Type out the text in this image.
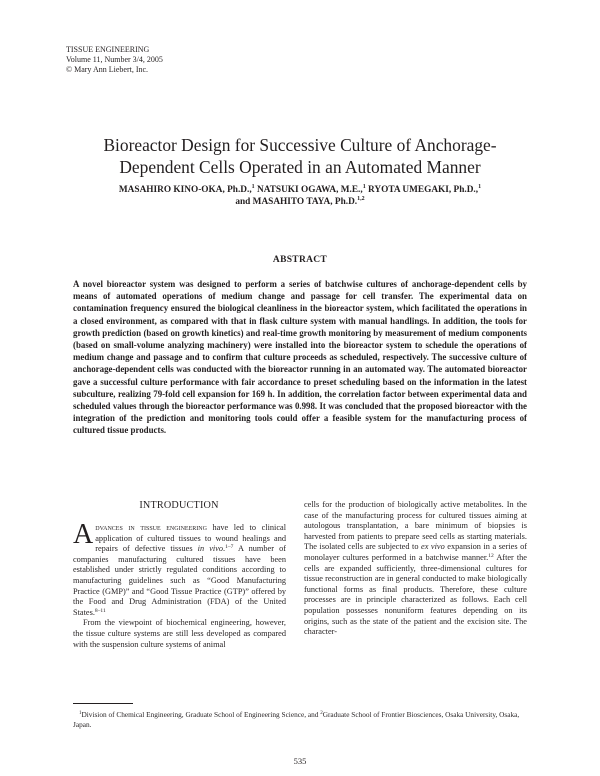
TISSUE ENGINEERING
Volume 11, Number 3/4, 2005
© Mary Ann Liebert, Inc.
Bioreactor Design for Successive Culture of Anchorage-
Dependent Cells Operated in an Automated Manner
MASAHIRO KINO-OKA, Ph.D.,$^1$ NATSUKI OGAWA, M.E.,$^1$ RYOTA UMEGAKI, Ph.D.,$^1$
and MASAHITO TAYA, Ph.D.$^{1,2}$
ABSTRACT

A novel bioreactor system was designed to perform a series of batchwise cultures of anchorage-dependent cells by means of automated operations of medium change and passage for cell transfer. The experimental data on contamination frequency ensured the biological cleanliness in the bioreactor system, which facilitated the operations in a closed environment, as compared with that in flask culture system with manual handlings. In addition, the tools for growth prediction (based on growth kinetics) and real-time growth monitoring by measurement of medium components (based on small-volume analyzing machinery) were installed into the bioreactor system to schedule the operations of medium change and passage and to confirm that culture proceeds as scheduled, respectively. The successive culture of anchorage-dependent cells was conducted with the bioreactor running in an automated way. The automated bioreactor gave a successful culture performance with fair accordance to preset scheduling based on the information in the latest subculture, realizing 79-fold cell expansion for 169 h. In addition, the correlation factor between experimental data and scheduled values through the bioreactor performance was 0.998. It was concluded that the proposed bioreactor with the integration of the prediction and monitoring tools could offer a feasible system for the manufacturing process of cultured tissue products.

INTRODUCTION

Advances in tissue engineering have led to clinical application of cultured tissues to wound healings and repairs of defective tissues in vivo.$^{1-7}$ A number of companies manufacturing cultured tissues have been established under strictly regulated conditions according to manufacturing guidelines such as “Good Manufacturing Practice (GMP)” and “Good Tissue Practice (GTP)” offered by the Food and Drug Administration (FDA) of the United States.$^{8-11}$

From the viewpoint of biochemical engineering, however, the tissue culture systems are still less developed as compared with the suspension culture systems of animal

cells for the production of biologically active metabolites. In the case of the manufacturing process for cultured tissues aiming at autologous transplantation, a bare minimum of biopsies is harvested from patients to prepare seed cells as starting materials. The isolated cells are subjected to ex vivo expansion in a series of monolayer cultures performed in a batchwise manner.$^{12}$ After the cells are expanded sufficiently, three-dimensional cultures for tissue reconstruction are in general conducted to make biologically functional forms as final products. Therefore, these culture processes are in principle characterized as follows. Each cell population possesses nonuniform features depending on its origins, such as the state of the patient and the excision site. The character-

$^1$Division of Chemical Engineering, Graduate School of Engineering Science, and $^2$Graduate School of Frontier Biosciences, Osaka University, Osaka, Japan.

535
